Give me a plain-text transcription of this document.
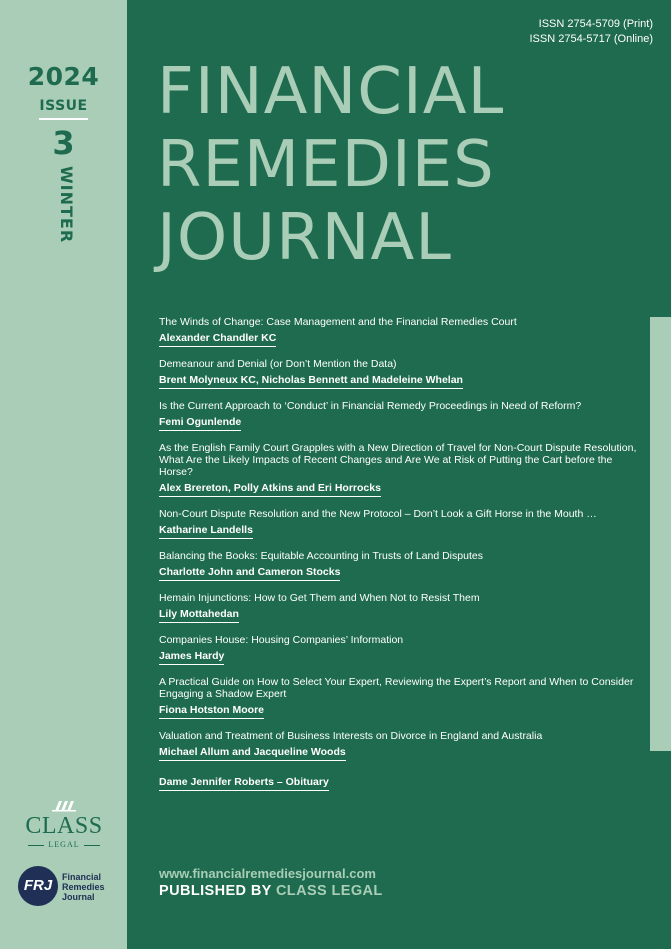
2024
ISSUE
3
WINTER
CLASS
LEGAL
FRJ	Financial
Remedies
Journal
ISSN 2754-5709 (Print)
ISSN 2754-5717 (Online)
FINANCIAL
REMEDIES
JOURNAL
The Winds of Change: Case Management and the Financial Remedies Court
Alexander Chandler KC
Demeanour and Denial (or Don’t Mention the Data)
Brent Molyneux KC, Nicholas Bennett and Madeleine Whelan
Is the Current Approach to ‘Conduct’ in Financial Remedy Proceedings in Need of Reform?
Femi Ogunlende
As the English Family Court Grapples with a New Direction of Travel for Non-Court Dispute Resolution, What Are the Likely Impacts of Recent Changes and Are We at Risk of Putting the Cart before the Horse?
Alex Brereton, Polly Atkins and Eri Horrocks
Non-Court Dispute Resolution and the New Protocol – Don’t Look a Gift Horse in the Mouth …
Katharine Landells
Balancing the Books: Equitable Accounting in Trusts of Land Disputes
Charlotte John and Cameron Stocks
Hemain Injunctions: How to Get Them and When Not to Resist Them
Lily Mottahedan
Companies House: Housing Companies’ Information
James Hardy
A Practical Guide on How to Select Your Expert, Reviewing the Expert’s Report and When to Consider Engaging a Shadow Expert
Fiona Hotston Moore
Valuation and Treatment of Business Interests on Divorce in England and Australia
Michael Allum and Jacqueline Woods
Dame Jennifer Roberts – Obituary
www.financialremediesjournal.com
PUBLISHED BY CLASS LEGAL
